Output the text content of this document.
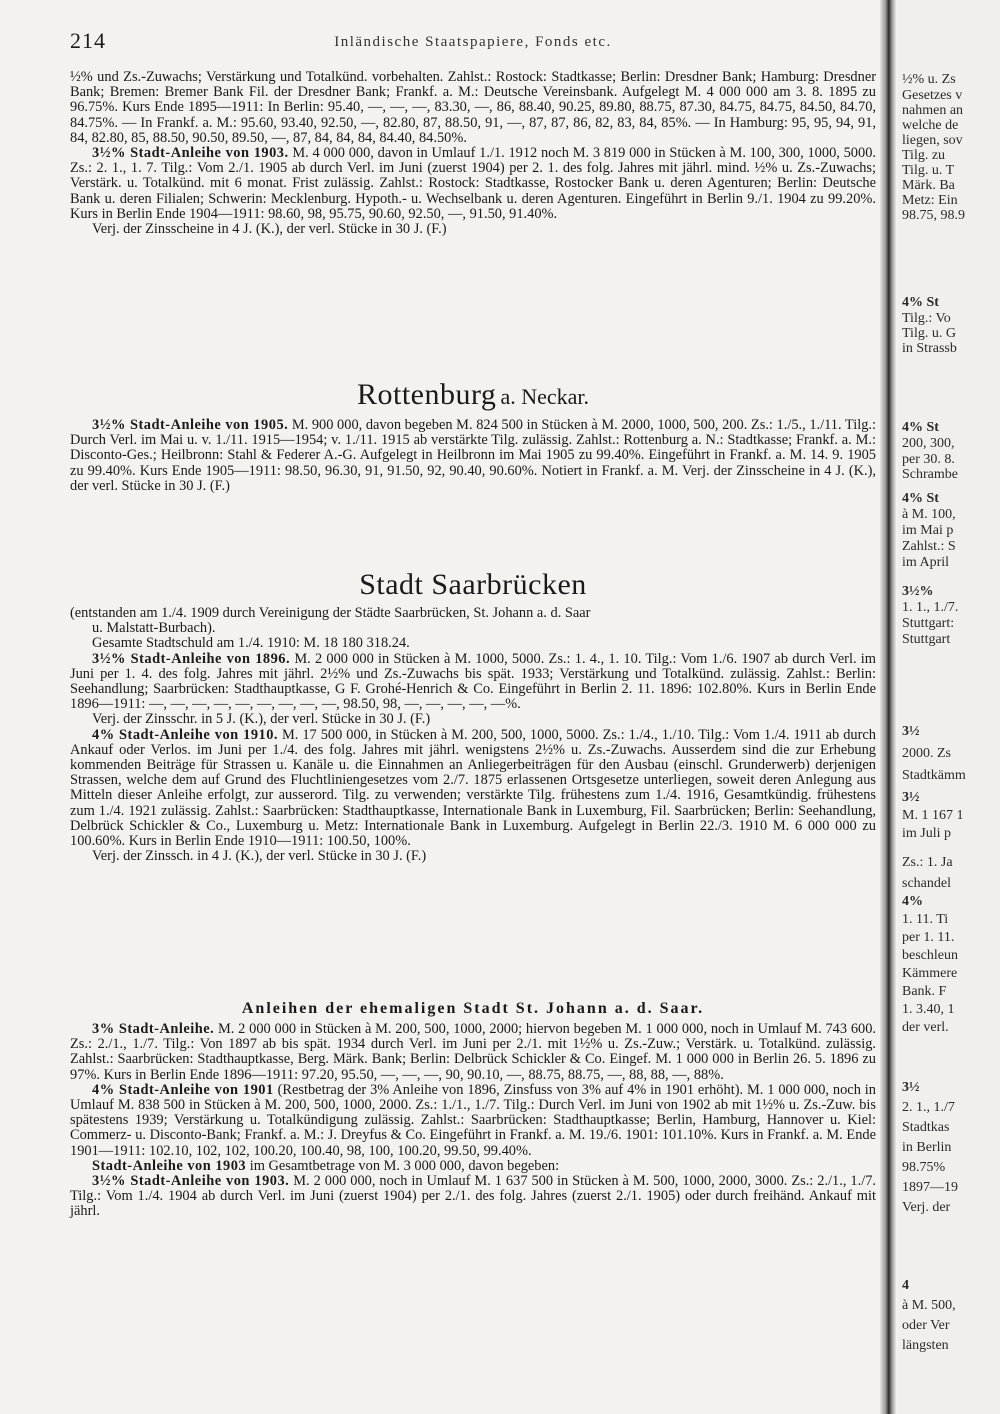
214	Inländische Staatspapiere, Fonds etc.

½% und Zs.-Zuwachs; Verstärkung und Totalkünd. vorbehalten. Zahlst.: Rostock: Stadtkasse; Berlin: Dresdner Bank; Hamburg: Dresdner Bank; Bremen: Bremer Bank Fil. der Dresdner Bank; Frankf. a. M.: Deutsche Vereinsbank. Aufgelegt M. 4 000 000 am 3. 8. 1895 zu 96.75%. Kurs Ende 1895—1911: In Berlin: 95.40, —, —, —, 83.30, —, 86, 88.40, 90.25, 89.80, 88.75, 87.30, 84.75, 84.75, 84.50, 84.70, 84.75%. — In Frankf. a. M.: 95.60, 93.40, 92.50, —, 82.80, 87, 88.50, 91, —, 87, 87, 86, 82, 83, 84, 85%. — In Hamburg: 95, 95, 94, 91, 84, 82.80, 85, 88.50, 90.50, 89.50, —, 87, 84, 84, 84, 84.40, 84.50%.

3½% Stadt-Anleihe von 1903. M. 4 000 000, davon in Umlauf 1./1. 1912 noch M. 3 819 000 in Stücken à M. 100, 300, 1000, 5000. Zs.: 2. 1., 1. 7. Tilg.: Vom 2./1. 1905 ab durch Verl. im Juni (zuerst 1904) per 2. 1. des folg. Jahres mit jährl. mind. ½% u. Zs.-Zuwachs; Verstärk. u. Totalkünd. mit 6 monat. Frist zulässig. Zahlst.: Rostock: Stadtkasse, Rostocker Bank u. deren Agenturen; Berlin: Deutsche Bank u. deren Filialen; Schwerin: Mecklenburg. Hypoth.- u. Wechselbank u. deren Agenturen. Eingeführt in Berlin 9./1. 1904 zu 99.20%. Kurs in Berlin Ende 1904—1911: 98.60, 98, 95.75, 90.60, 92.50, —, 91.50, 91.40%.

Verj. der Zinsscheine in 4 J. (K.), der verl. Stücke in 30 J. (F.)

Rottenburg a. Neckar.

3½% Stadt-Anleihe von 1905. M. 900 000, davon begeben M. 824 500 in Stücken à M. 2000, 1000, 500, 200. Zs.: 1./5., 1./11. Tilg.: Durch Verl. im Mai u. v. 1./11. 1915—1954; v. 1./11. 1915 ab verstärkte Tilg. zulässig. Zahlst.: Rottenburg a. N.: Stadtkasse; Frankf. a. M.: Disconto-Ges.; Heilbronn: Stahl & Federer A.-G. Aufgelegt in Heilbronn im Mai 1905 zu 99.40%. Eingeführt in Frankf. a. M. 14. 9. 1905 zu 99.40%. Kurs Ende 1905—1911: 98.50, 96.30, 91, 91.50, 92, 90.40, 90.60%. Notiert in Frankf. a. M. Verj. der Zinsscheine in 4 J. (K.), der verl. Stücke in 30 J. (F.)

Stadt Saarbrücken

(entstanden am 1./4. 1909 durch Vereinigung der Städte Saarbrücken, St. Johann a. d. Saar

u. Malstatt-Burbach).

Gesamte Stadtschuld am 1./4. 1910: M. 18 180 318.24.

3½% Stadt-Anleihe von 1896. M. 2 000 000 in Stücken à M. 1000, 5000. Zs.: 1. 4., 1. 10. Tilg.: Vom 1./6. 1907 ab durch Verl. im Juni per 1. 4. des folg. Jahres mit jährl. 2½% und Zs.-Zuwachs bis spät. 1933; Verstärkung und Totalkünd. zulässig. Zahlst.: Berlin: Seehandlung; Saarbrücken: Stadthauptkasse, G F. Grohé-Henrich & Co. Eingeführt in Berlin 2. 11. 1896: 102.80%. Kurs in Berlin Ende 1896—1911: —, —, —, —, —, —, —, —, —, 98.50, 98, —, —, —, —, —%.

Verj. der Zinsschr. in 5 J. (K.), der verl. Stücke in 30 J. (F.)

4% Stadt-Anleihe von 1910. M. 17 500 000, in Stücken à M. 200, 500, 1000, 5000. Zs.: 1./4., 1./10. Tilg.: Vom 1./4. 1911 ab durch Ankauf oder Verlos. im Juni per 1./4. des folg. Jahres mit jährl. wenigstens 2½% u. Zs.-Zuwachs. Ausserdem sind die zur Erhebung kommenden Beiträge für Strassen u. Kanäle u. die Einnahmen an Anliegerbeiträgen für den Ausbau (einschl. Grunderwerb) derjenigen Strassen, welche dem auf Grund des Fluchtliniengesetzes vom 2./7. 1875 erlassenen Ortsgesetze unterliegen, soweit deren Anlegung aus Mitteln dieser Anleihe erfolgt, zur ausserord. Tilg. zu verwenden; verstärkte Tilg. frühestens zum 1./4. 1916, Gesamtkündig. frühestens zum 1./4. 1921 zulässig. Zahlst.: Saarbrücken: Stadthauptkasse, Internationale Bank in Luxemburg, Fil. Saarbrücken; Berlin: Seehandlung, Delbrück Schickler & Co., Luxemburg u. Metz: Internationale Bank in Luxemburg. Aufgelegt in Berlin 22./3. 1910 M. 6 000 000 zu 100.60%. Kurs in Berlin Ende 1910—1911: 100.50, 100%.

Verj. der Zinssch. in 4 J. (K.), der verl. Stücke in 30 J. (F.)

Anleihen der ehemaligen Stadt St. Johann a. d. Saar.

3% Stadt-Anleihe. M. 2 000 000 in Stücken à M. 200, 500, 1000, 2000; hiervon begeben M. 1 000 000, noch in Umlauf M. 743 600. Zs.: 2./1., 1./7. Tilg.: Von 1897 ab bis spät. 1934 durch Verl. im Juni per 2./1. mit 1½% u. Zs.-Zuw.; Verstärk. u. Totalkünd. zulässig. Zahlst.: Saarbrücken: Stadthauptkasse, Berg. Märk. Bank; Berlin: Delbrück Schickler & Co. Eingef. M. 1 000 000 in Berlin 26. 5. 1896 zu 97%. Kurs in Berlin Ende 1896—1911: 97.20, 95.50, —, —, —, 90, 90.10, —, 88.75, 88.75, —, 88, 88, —, 88%.

4% Stadt-Anleihe von 1901 (Restbetrag der 3% Anleihe von 1896, Zinsfuss von 3% auf 4% in 1901 erhöht). M. 1 000 000, noch in Umlauf M. 838 500 in Stücken à M. 200, 500, 1000, 2000. Zs.: 1./1., 1./7. Tilg.: Durch Verl. im Juni von 1902 ab mit 1½% u. Zs.-Zuw. bis spätestens 1939; Verstärkung u. Totalkündigung zulässig. Zahlst.: Saarbrücken: Stadthauptkasse; Berlin, Hamburg, Hannover u. Kiel: Commerz- u. Disconto-Bank; Frankf. a. M.: J. Dreyfus & Co. Eingeführt in Frankf. a. M. 19./6. 1901: 101.10%. Kurs in Frankf. a. M. Ende 1901—1911: 102.10, 102, 102, 100.20, 100.40, 98, 100, 100.20, 99.50, 99.40%.

Stadt-Anleihe von 1903 im Gesamtbetrage von M. 3 000 000, davon begeben:

3½% Stadt-Anleihe von 1903. M. 2 000 000, noch in Umlauf M. 1 637 500 in Stücken à M. 500, 1000, 2000, 3000. Zs.: 2./1., 1./7. Tilg.: Vom 1./4. 1904 ab durch Verl. im Juni (zuerst 1904) per 2./1. des folg. Jahres (zuerst 2./1. 1905) oder durch freihänd. Ankauf mit jährl.

½% u. Zs
Gesetzes v
nahmen an
welche de
liegen, sov
Tilg. zu
Tilg. u. T
Märk. Ba
Metz: Ein
98.75, 98.9
4% St
Tilg.: Vo
Tilg. u. G
in Strassb
4% St
200, 300,
per 30. 8.
Schrambe
4% St
à M. 100,
im Mai p
Zahlst.: S
im April
3½%
1. 1., 1./7.
Stuttgart:
Stuttgart
3½
2000. Zs
Stadtkämm
3½
M. 1 167 1
im Juli p
Zs.: 1. Ja
schandel
4%
1. 11. Ti
per 1. 11.
beschleun
Kämmere
Bank. F
1. 3.40, 1
der verl.
3½
2. 1., 1./7
Stadtkas
in Berlin
98.75%
1897—19
Verj. der
4
à M. 500,
oder Ver
längsten
